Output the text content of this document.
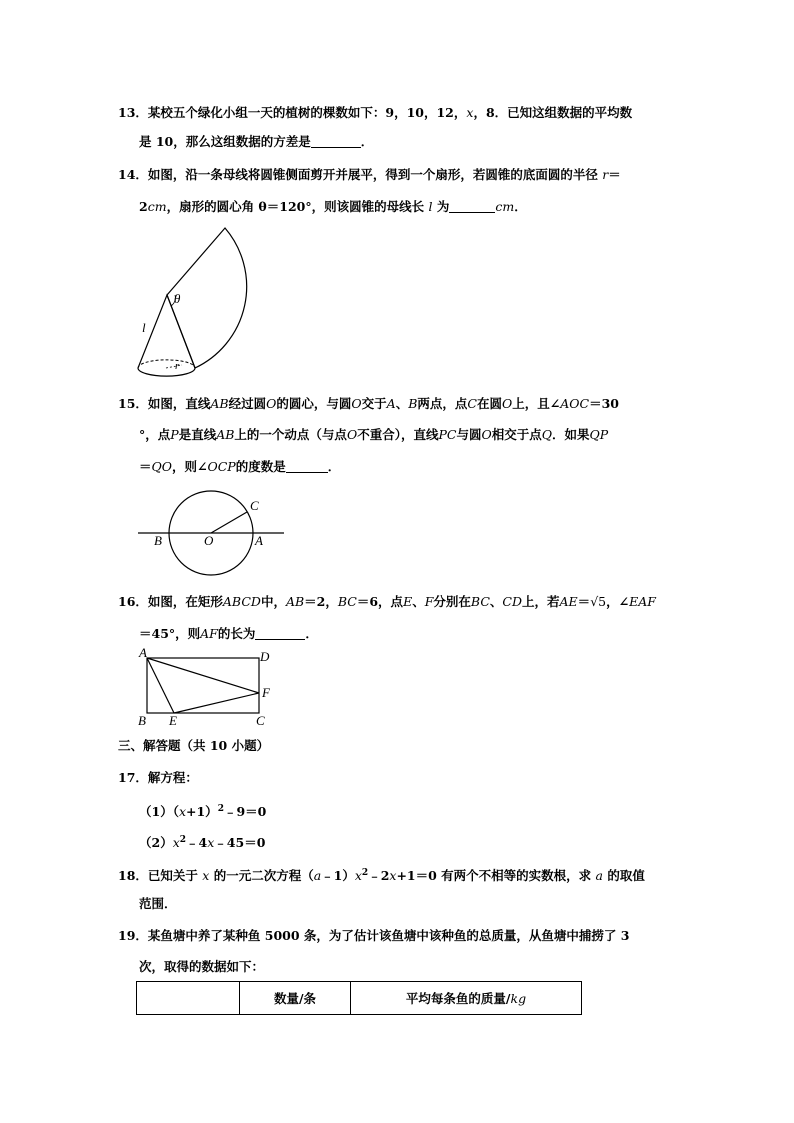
13．某校五个绿化小组一天的植树的棵数如下：9，10，12，x，8．已知这组数据的平均数
是 10，那么这组数据的方差是	．
14．如图，沿一条母线将圆锥侧面剪开并展平，得到一个扇形，若圆锥的底面圆的半径 r＝
2cm，扇形的圆心角 θ＝120°，则该圆锥的母线长 l 为	cm．
θ
l
r
15．如图，直线AB经过圆O的圆心，与圆O交于A、B两点，点C在圆O上，且∠AOC＝30
°，点P是直线AB上的一个动点（与点O不重合），直线PC与圆O相交于点Q．如果QP
＝QO，则∠OCP的度数是	．
C
B	O	A
16．如图，在矩形ABCD中，AB＝2，BC＝6，点E、F分别在BC、CD上，若AE＝√5，∠EAF
＝45°，则AF的长为	．
A	D
F
B E	C
三、解答题（共 10 小题）
17．解方程：
$(1)(x+1)^2﹣9=0$
$(2)x^2﹣4x﹣45=0$
18．已知关于 x 的一元二次方程$(a﹣1)x^2﹣2x+1=0$ 有两个不相等的实数根，求 a 的取值
范围．
19．某鱼塘中养了某种鱼 5000 条，为了估计该鱼塘中该种鱼的总质量，从鱼塘中捕捞了 3
次，取得的数据如下：
	数量/条	平均每条鱼的质量/kg
